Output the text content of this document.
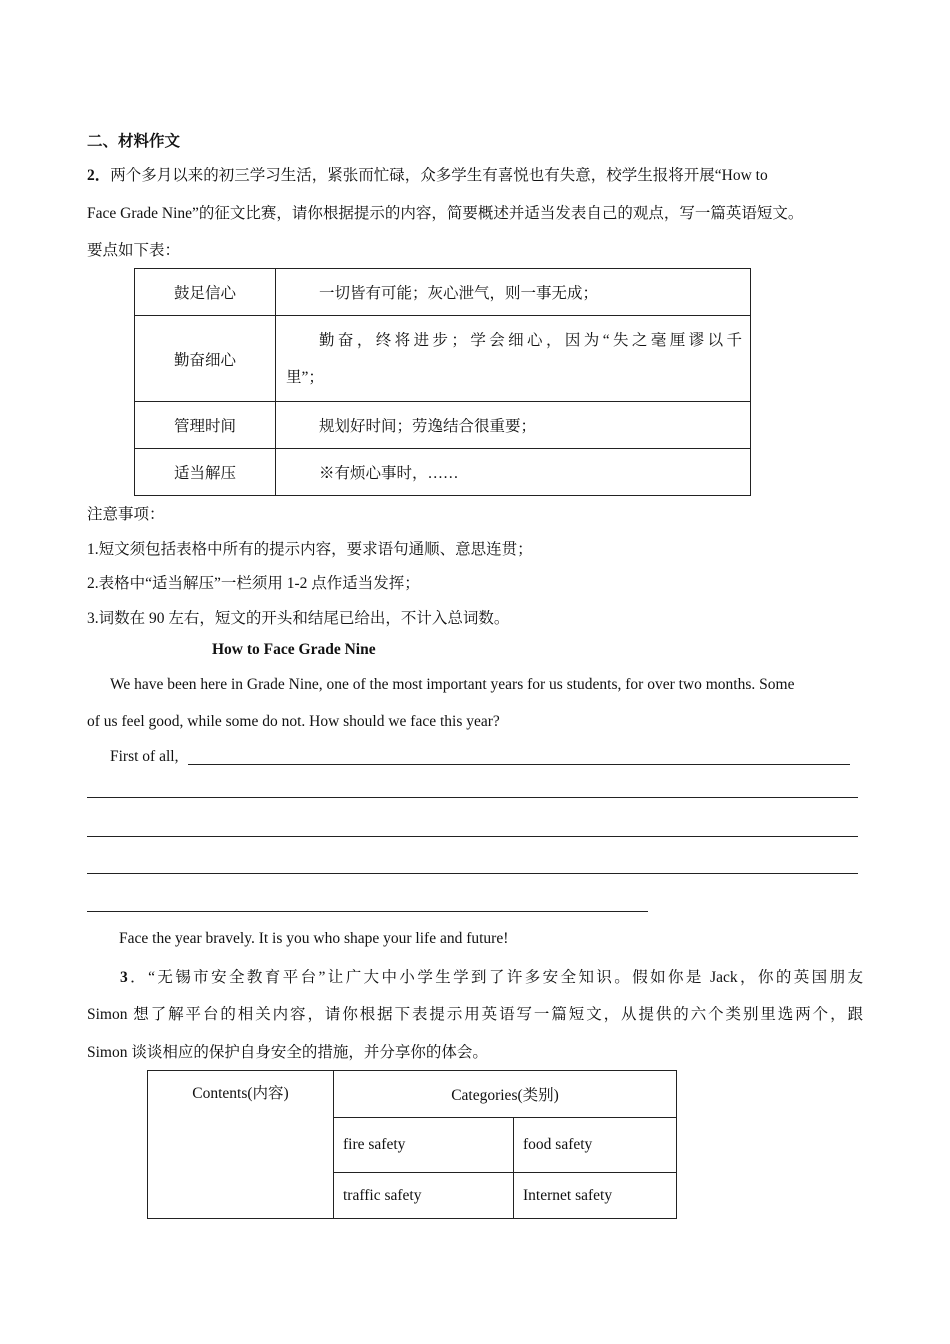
二、材料作文
2．两个多月以来的初三学习生活，紧张而忙碌，众多学生有喜悦也有失意，校学生报将开展“How to
Face Grade Nine”的征文比赛，请你根据提示的内容，简要概述并适当发表自己的观点，写一篇英语短文。
要点如下表：
鼓足信心	一切皆有可能；灰心泄气，则一事无成；
勤奋细心	勤奋，终将进步；学会细心，因为“失之毫厘谬以千
里”；

管理时间	规划好时间；劳逸结合很重要；
适当解压	※有烦心事时，……
注意事项：
1.短文须包括表格中所有的提示内容，要求语句通顺、意思连贯；
2.表格中“适当解压”一栏须用 1-2 点作适当发挥；
3.词数在 90 左右，短文的开头和结尾已给出，不计入总词数。
How to Face Grade Nine
We have been here in Grade Nine, one of the most important years for us students, for over two months. Some
of us feel good, while some do not. How should we face this year?
First of all,
Face the year bravely. It is you who shape your life and future!
3．“无锡市安全教育平台”让广大中小学生学到了许多安全知识。假如你是 Jack，你的英国朋友
Simon 想了解平台的相关内容，请你根据下表提示用英语写一篇短文，从提供的六个类别里选两个，跟
Simon 谈谈相应的保护自身安全的措施，并分享你的体会。
Contents(内容)	Categories(类别)	
	fire safety	food safety
	traffic safety	Internet safety
